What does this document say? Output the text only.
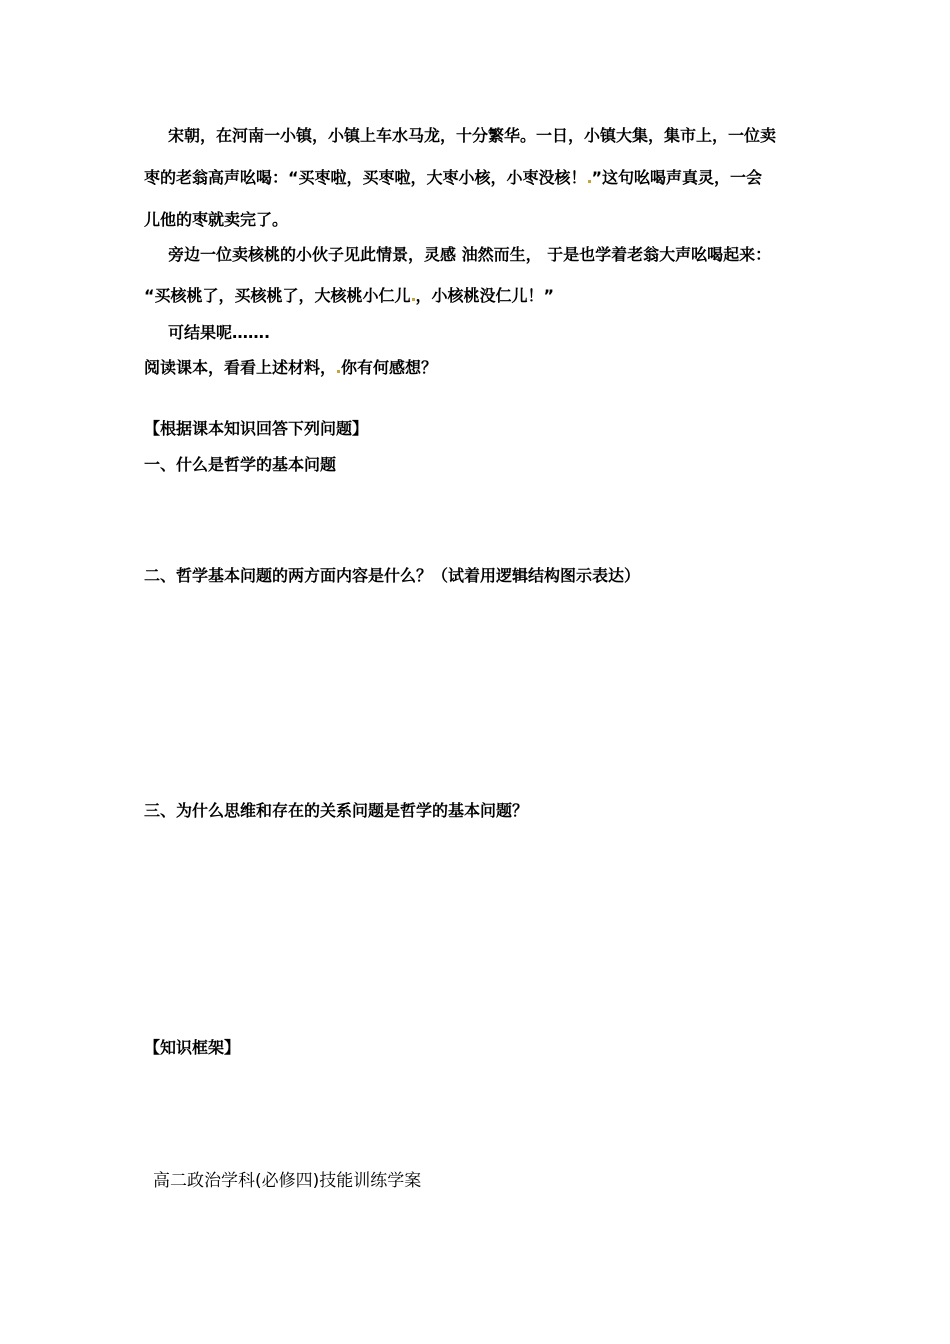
宋朝，在河南一小镇，小镇上车水马龙，十分繁华。一日，小镇大集，集市上，一位卖
枣的老翁高声吆喝：“买枣啦，买枣啦，大枣小核，小枣没核！ ”这句吆喝声真灵，一会
儿他的枣就卖完了。
旁边一位卖核桃的小伙子见此情景，灵感 油然而生， 于是也学着老翁大声吆喝起来：
“买核桃了，买核桃了，大核桃小仁儿 ，小核桃没仁儿！”
可结果呢…….
阅读课本，看看上述材料， 你有何感想？
【根据课本知识回答下列问题】
一、什么是哲学的基本问题
二、哲学基本问题的两方面内容是什么？（试着用逻辑结构图示表达）
三、为什么思维和存在的关系问题是哲学的基本问题？
【知识框架】
高二政治学科(必修四)技能训练学案
